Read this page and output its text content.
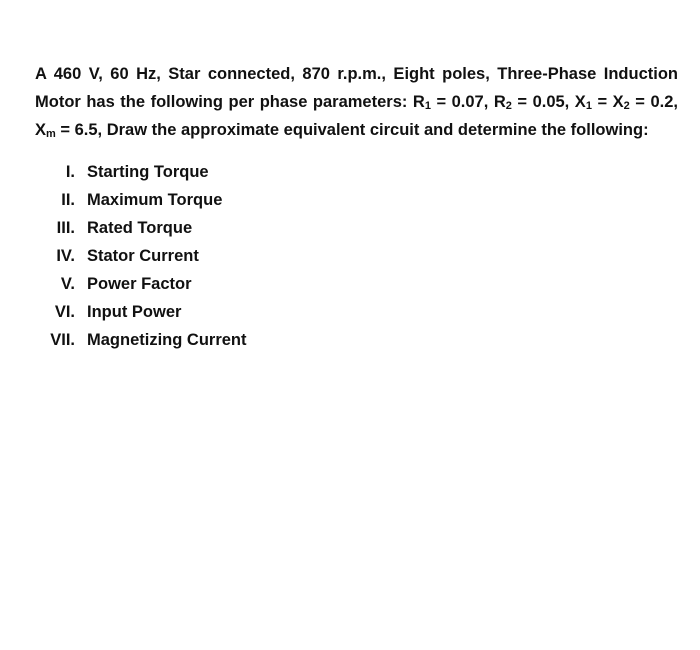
A 460 V, 60 Hz, Star connected, 870 r.p.m., Eight poles, Three-Phase Induction Motor has the following per phase parameters: $R_1 = 0.07$, $R_2 = 0.05$, $X_1 = X_2 = 0.2$, $X_m = 6.5$, Draw the approximate equivalent circuit and determine the following:

I. Starting Torque
II. Maximum Torque
III. Rated Torque
IV. Stator Current
V. Power Factor
VI. Input Power
VII. Magnetizing Current
